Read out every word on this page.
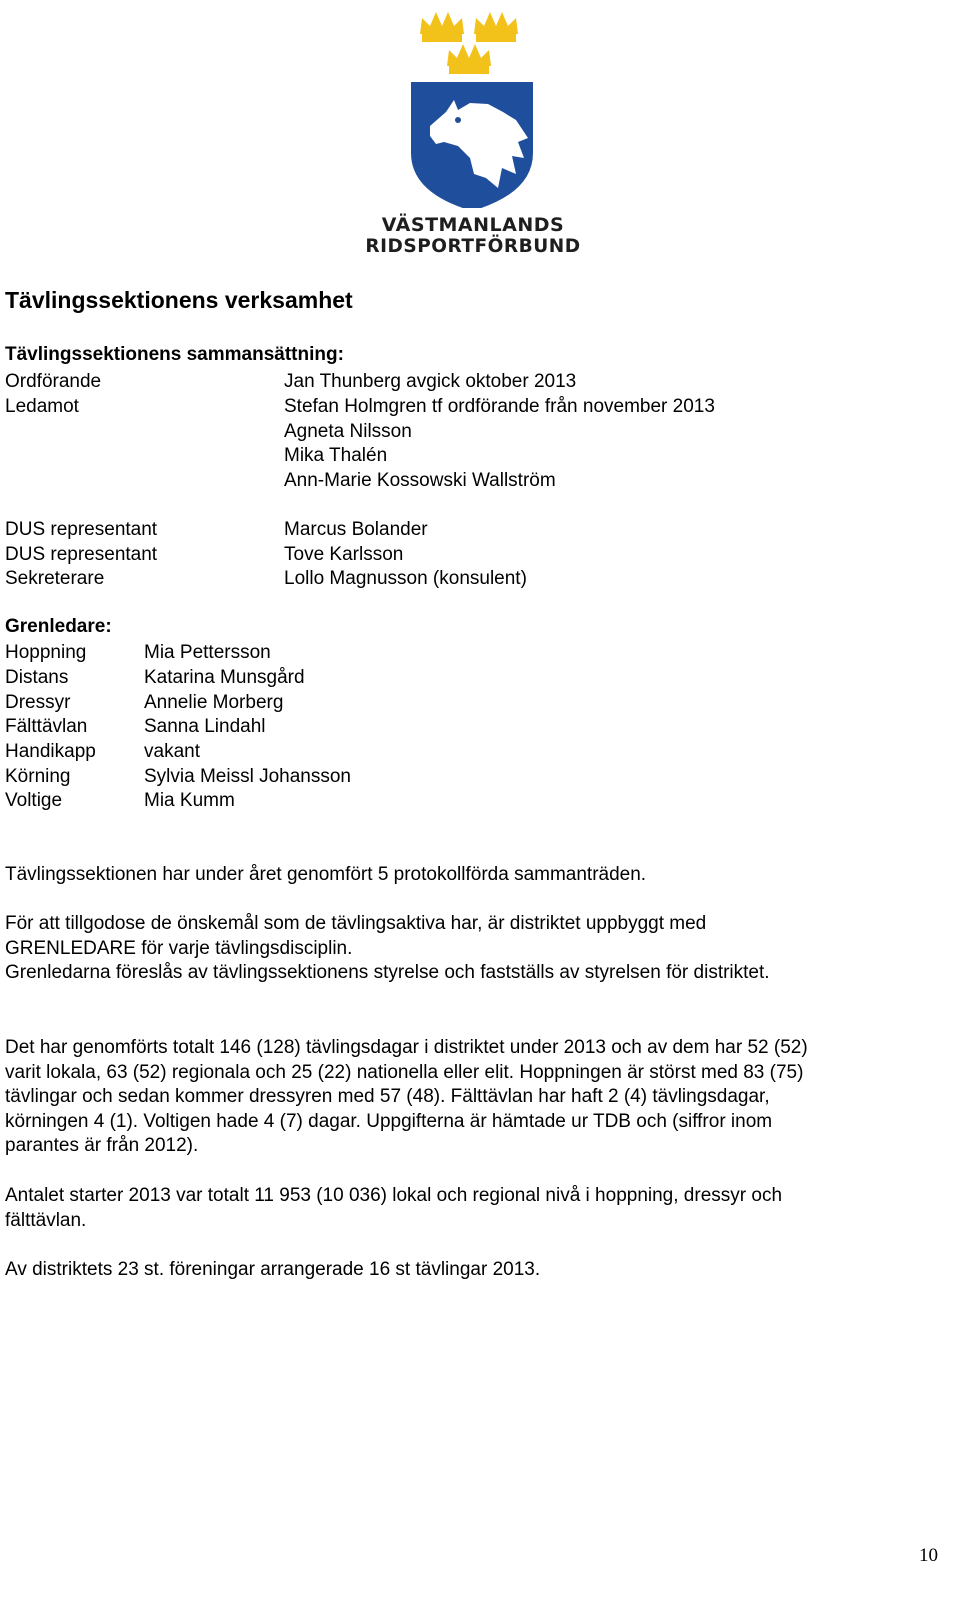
VÄSTMANLANDS
RIDSPORTFÖRBUND
Tävlingssektionens verksamhet
Tävlingssektionens sammansättning:
Ordförande	Jan Thunberg avgick oktober 2013
Ledamot	Stefan Holmgren tf ordförande från november 2013
Agneta Nilsson
Mika Thalén
Ann-Marie Kossowski Wallström
DUS representant	Marcus Bolander
DUS representant	Tove Karlsson
Sekreterare	Lollo Magnusson (konsulent)
Grenledare:
Hoppning	Mia Pettersson
Distans	Katarina Munsgård
Dressyr	Annelie Morberg
Fälttävlan	Sanna Lindahl
Handikapp	vakant
Körning	Sylvia Meissl Johansson
Voltige	Mia Kumm

Tävlingssektionen har under året genomfört 5 protokollförda sammanträden.

För att tillgodose de önskemål som de tävlingsaktiva har, är distriktet uppbyggt med
GRENLEDARE för varje tävlingsdisciplin.
Grenledarna föreslås av tävlingssektionens styrelse och fastställs av styrelsen för distriktet.

Det har genomförts totalt 146 (128) tävlingsdagar i distriktet under 2013 och av dem har 52 (52)
varit lokala, 63 (52) regionala och 25 (22) nationella eller elit. Hoppningen är störst med 83 (75)
tävlingar och sedan kommer dressyren med 57 (48). Fälttävlan har haft 2 (4) tävlingsdagar,
körningen 4 (1). Voltigen hade 4 (7) dagar. Uppgifterna är hämtade ur TDB och (siffror inom
parantes är från 2012).

Antalet starter 2013 var totalt 11 953 (10 036) lokal och regional nivå i hoppning, dressyr och
fälttävlan.

Av distriktets 23 st. föreningar arrangerade 16 st tävlingar 2013.

10
